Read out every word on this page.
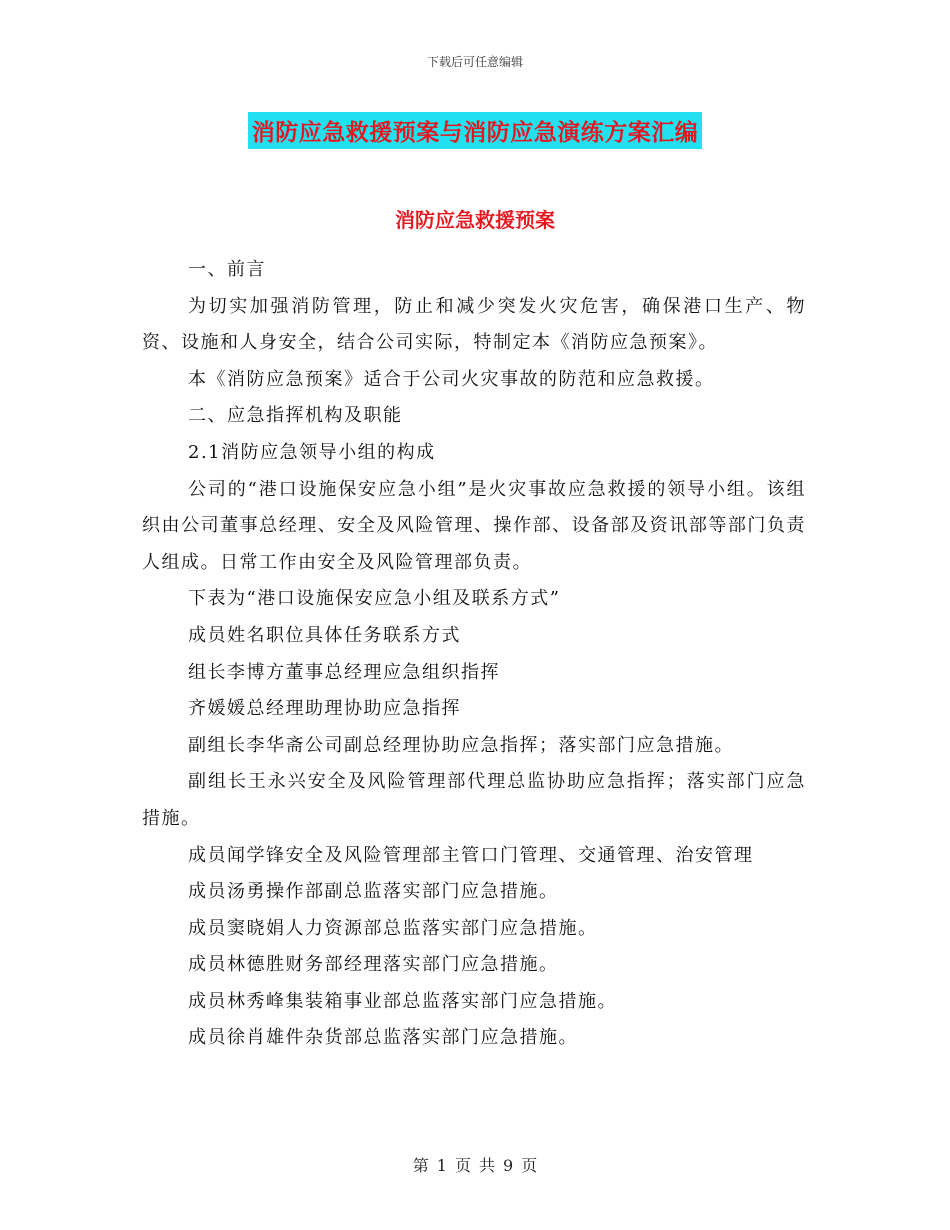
下载后可任意编辑
消防应急救援预案与消防应急演练方案汇编
消防应急救援预案

一、前言

为切实加强消防管理，防止和减少突发火灾危害，确保港口生产、物资、设施和人身安全，结合公司实际，特制定本《消防应急预案》。

本《消防应急预案》适合于公司火灾事故的防范和应急救援。

二、应急指挥机构及职能

2.1消防应急领导小组的构成

公司的“港口设施保安应急小组”是火灾事故应急救援的领导小组。该组织由公司董事总经理、安全及风险管理、操作部、设备部及资讯部等部门负责人组成。日常工作由安全及风险管理部负责。

下表为“港口设施保安应急小组及联系方式”

成员姓名职位具体任务联系方式

组长李博方董事总经理应急组织指挥

齐媛媛总经理助理协助应急指挥

副组长李华斋公司副总经理协助应急指挥；落实部门应急措施。

副组长王永兴安全及风险管理部代理总监协助应急指挥；落实部门应急措施。

成员闻学锋安全及风险管理部主管口门管理、交通管理、治安管理

成员汤勇操作部副总监落实部门应急措施。

成员窦晓娟人力资源部总监落实部门应急措施。

成员林德胜财务部经理落实部门应急措施。

成员林秀峰集装箱事业部总监落实部门应急措施。

成员徐肖雄件杂货部总监落实部门应急措施。

第 1 页 共 9 页
